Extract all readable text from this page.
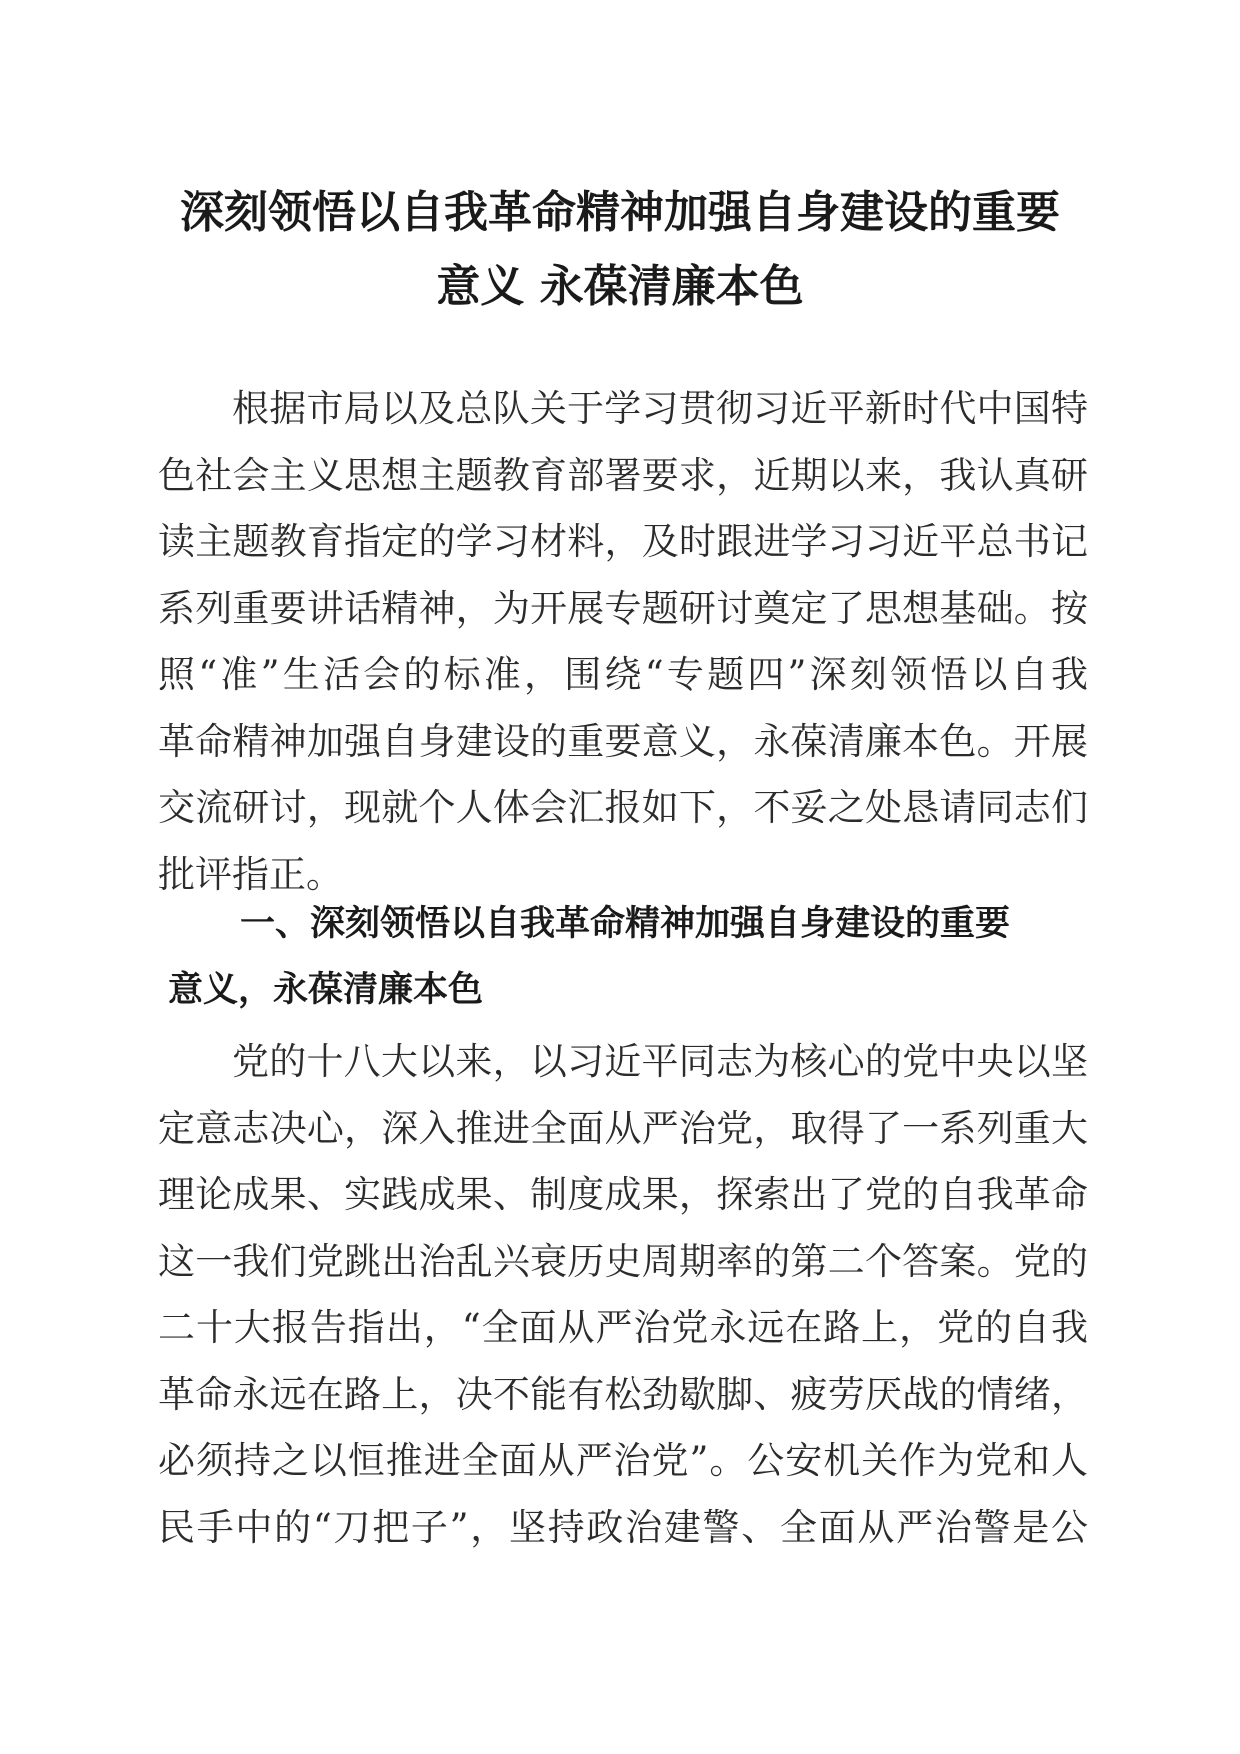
深刻领悟以自我革命精神加强自身建设的重要
意义 永葆清廉本色
根据市局以及总队关于学习贯彻习近平新时代中国特
色社会主义思想主题教育部署要求，近期以来，我认真研
读主题教育指定的学习材料，及时跟进学习习近平总书记
系列重要讲话精神，为开展专题研讨奠定了思想基础。按
照“准”生活会的标准，围绕“专题四”深刻领悟以自我
革命精神加强自身建设的重要意义，永葆清廉本色。开展
交流研讨，现就个人体会汇报如下，不妥之处恳请同志们
批评指正。
一、深刻领悟以自我革命精神加强自身建设的重要
意义，永葆清廉本色
党的十八大以来，以习近平同志为核心的党中央以坚
定意志决心，深入推进全面从严治党，取得了一系列重大
理论成果、实践成果、制度成果，探索出了党的自我革命
这一我们党跳出治乱兴衰历史周期率的第二个答案。党的
二十大报告指出，“全面从严治党永远在路上，党的自我
革命永远在路上，决不能有松劲歇脚、疲劳厌战的情绪，
必须持之以恒推进全面从严治党”。公安机关作为党和人
民手中的“刀把子”，坚持政治建警、全面从严治警是公
